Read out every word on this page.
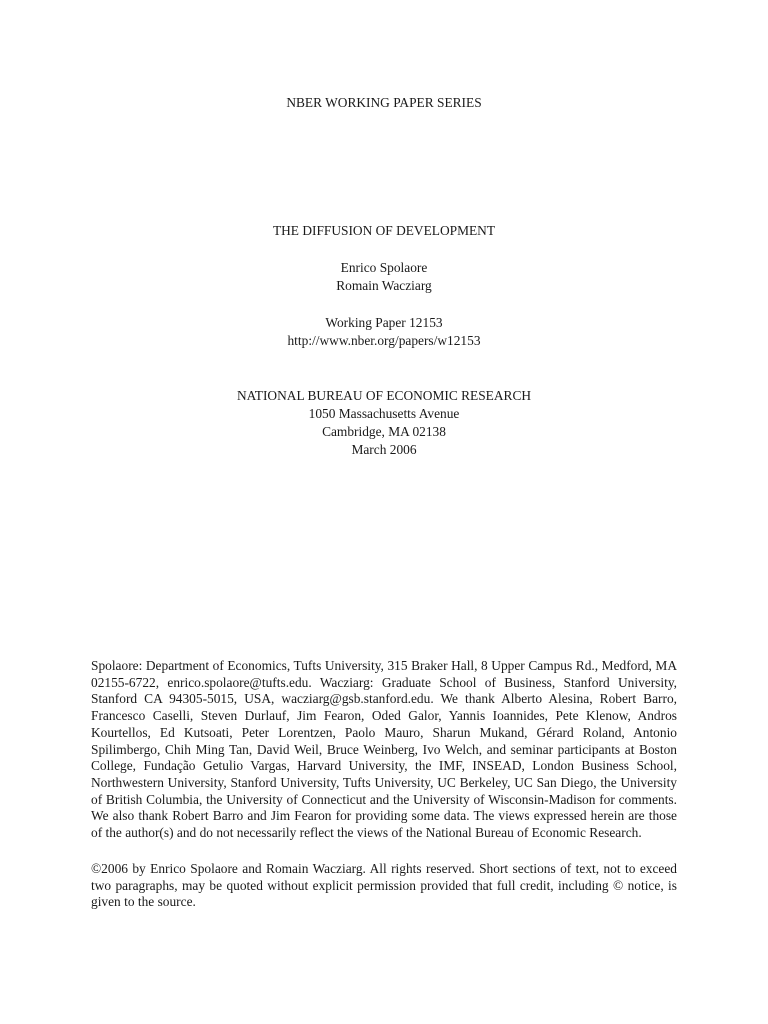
NBER WORKING PAPER SERIES
THE DIFFUSION OF DEVELOPMENT
Enrico Spolaore
Romain Wacziarg
Working Paper 12153
http://www.nber.org/papers/w12153
NATIONAL BUREAU OF ECONOMIC RESEARCH
1050 Massachusetts Avenue
Cambridge, MA 02138
March 2006

Spolaore: Department of Economics, Tufts University, 315 Braker Hall, 8 Upper Campus Rd., Medford, MA 02155-6722, enrico.spolaore@tufts.edu. Wacziarg: Graduate School of Business, Stanford University, Stanford CA 94305-5015, USA, wacziarg@gsb.stanford.edu. We thank Alberto Alesina, Robert Barro, Francesco Caselli, Steven Durlauf, Jim Fearon, Oded Galor, Yannis Ioannides, Pete Klenow, Andros Kourtellos, Ed Kutsoati, Peter Lorentzen, Paolo Mauro, Sharun Mukand, Gérard Roland, Antonio Spilimbergo, Chih Ming Tan, David Weil, Bruce Weinberg, Ivo Welch, and seminar participants at Boston College, Fundação Getulio Vargas, Harvard University, the IMF, INSEAD, London Business School, Northwestern University, Stanford University, Tufts University, UC Berkeley, UC San Diego, the University of British Columbia, the University of Connecticut and the University of Wisconsin-Madison for comments. We also thank Robert Barro and Jim Fearon for providing some data. The views expressed herein are those of the author(s) and do not necessarily reflect the views of the National Bureau of Economic Research.

©2006 by Enrico Spolaore and Romain Wacziarg. All rights reserved. Short sections of text, not to exceed two paragraphs, may be quoted without explicit permission provided that full credit, including © notice, is given to the source.
